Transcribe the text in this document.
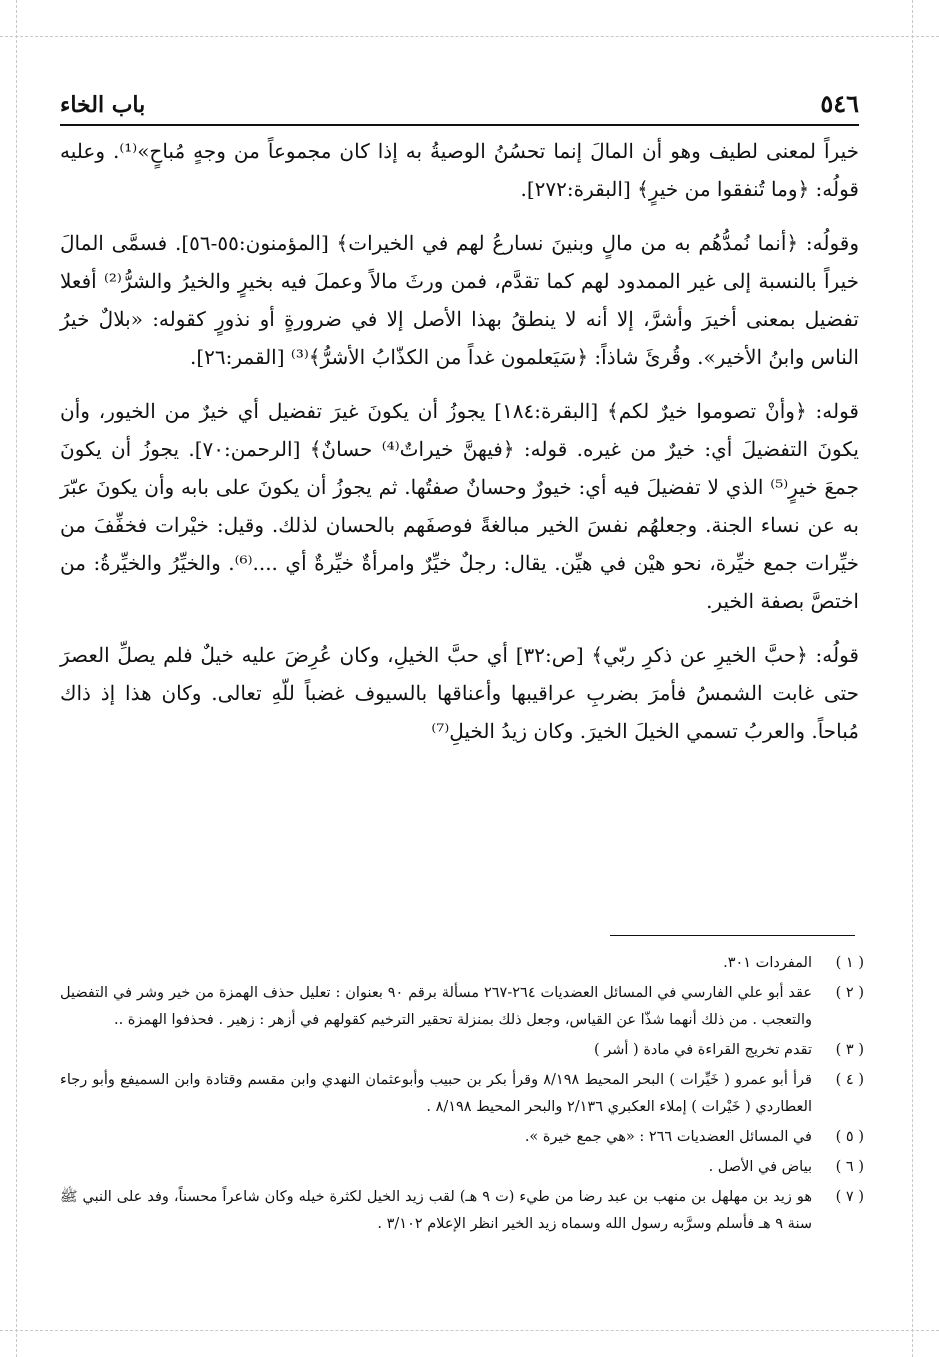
٥٤٦
باب الخاء

خيراً لمعنى لطيف وهو أن المالَ إنما تحسُنُ الوصيةُ به إذا كان مجموعاً من وجهٍ مُباحٍ»⁽¹⁾. وعليه قولُه: ﴿وما تُنفقوا من خيرٍ﴾ [البقرة:٢٧٢].

وقولُه: ﴿أنما نُمدُّهُم به من مالٍ وبنينَ نسارعُ لهم في الخيرات﴾ [المؤمنون:٥٥-٥٦]. فسمَّى المالَ خيراً بالنسبة إلى غير الممدود لهم كما تقدَّم، فمن ورثَ مالاً وعملَ فيه بخيرٍ والخيرُ والشرُّ⁽²⁾ أفعلا تفضيل بمعنى أخيرَ وأشرَّ، إلا أنه لا ينطقُ بهذا الأصل إلا في ضرورةٍ أو نذورٍ كقوله: «بلالٌ خيرُ الناس وابنُ الأخير». وقُرئَ شاذاً: ﴿سَيَعلمون غداً من الكذّابُ الأشرُّ﴾⁽³⁾ [القمر:٢٦].

قوله: ﴿وأنْ تصوموا خيرٌ لكم﴾ [البقرة:١٨٤] يجوزُ أن يكونَ غيرَ تفضيل أي خيرٌ من الخيور، وأن يكونَ التفضيلَ أي: خيرٌ من غيره. قوله: ﴿فيهنَّ خيراتٌ⁽⁴⁾ حسانٌ﴾ [الرحمن:٧٠]. يجوزُ أن يكونَ جمعَ خيرٍ⁽⁵⁾ الذي لا تفضيلَ فيه أي: خيورٌ وحسانٌ صفتُها. ثم يجوزُ أن يكونَ على بابه وأن يكونَ عبّرَ به عن نساء الجنة. وجعلهُم نفسَ الخير مبالغةً فوصفَهم بالحسان لذلك. وقيل: خيْرات فخفِّفَ من خيِّرات جمع خيِّرة، نحو هيْن في هيِّن. يقال: رجلٌ خيِّرٌ وامرأةٌ خيِّرةٌ أي ....⁽⁶⁾. والخيِّرُ والخيِّرةُ: من اختصَّ بصفة الخير.

قولُه: ﴿حبَّ الخيرِ عن ذكرِ ربّي﴾ [ص:٣٢] أي حبَّ الخيلِ، وكان عُرِضَ عليه خيلٌ فلم يصلِّ العصرَ حتى غابت الشمسُ فأمرَ بضربِ عراقيبها وأعناقها بالسيوف غضباً للّهِ تعالى. وكان هذا إذ ذاك مُباحاً. والعربُ تسمي الخيلَ الخيرَ. وكان زيدُ الخيلِ⁽⁷⁾

( ١ )
المفردات ٣٠١.
( ٢ )
عقد أبو علي الفارسي في المسائل العضديات ٢٦٤-٢٦٧ مسألة برقم ٩٠ بعنوان : تعليل حذف الهمزة من خير وشر في التفضيل والتعجب . من ذلك أنهما شذّا عن القياس، وجعل ذلك بمنزلة تحقير الترخيم كقولهم في أزهر : زهير . فحذفوا الهمزة ..
( ٣ )
تقدم تخريج القراءة في مادة ( أشر )
( ٤ )
قرأ أبو عمرو ( خَيِّرات ) البحر المحيط ٨/١٩٨ وقرأ بكر بن حبيب وأبوعثمان النهدي وابن مقسم وقتادة وابن السميفع وأبو رجاء العطاردي ( خَيْرات ) إملاء العكبري ٢/١٣٦ والبحر المحيط ٨/١٩٨ .
( ٥ )
في المسائل العضديات ٢٦٦ : «هي جمع خيرة ».
( ٦ )
بياض في الأصل .
( ٧ )
هو زيد بن مهلهل بن منهب بن عبد رضا من طيء (ت ٩ هـ) لقب زيد الخيل لكثرة خيله وكان شاعراً محسناً، وفد على النبي ﷺ سنة ٩ هـ فأسلم وسرَّبه رسول الله وسماه زيد الخير انظر الإعلام ٣/١٠٢ .
